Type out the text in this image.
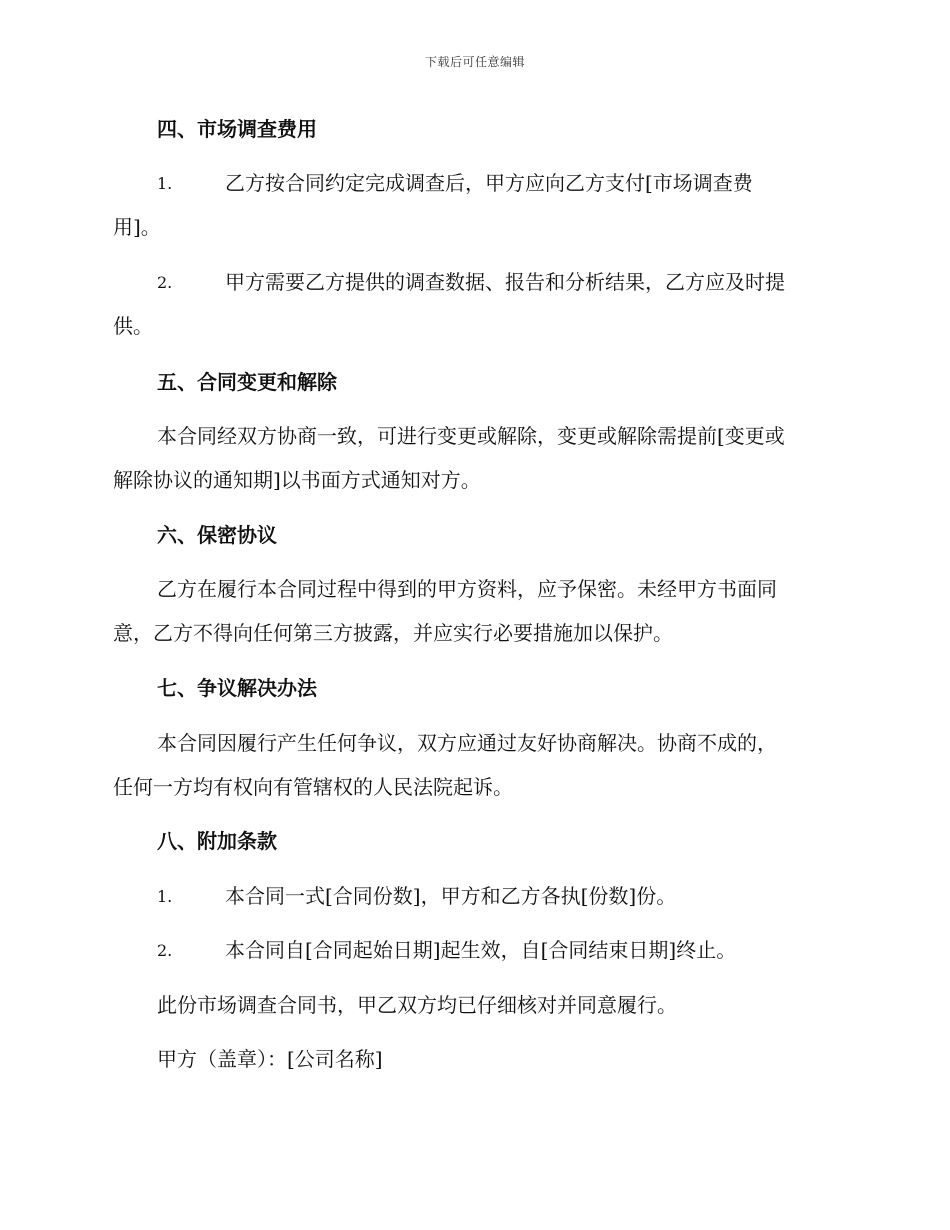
下载后可任意编辑
四、市场调查费用
1.	乙方按合同约定完成调查后，甲方应向乙方支付[市场调查费
用]。
2.	甲方需要乙方提供的调查数据、报告和分析结果，乙方应及时提
供。
五、合同变更和解除
本合同经双方协商一致，可进行变更或解除，变更或解除需提前[变更或
解除协议的通知期]以书面方式通知对方。
六、保密协议
乙方在履行本合同过程中得到的甲方资料，应予保密。未经甲方书面同
意，乙方不得向任何第三方披露，并应实行必要措施加以保护。
七、争议解决办法
本合同因履行产生任何争议，双方应通过友好协商解决。协商不成的，
任何一方均有权向有管辖权的人民法院起诉。
八、附加条款
1.	本合同一式[合同份数]，甲方和乙方各执[份数]份。
2.	本合同自[合同起始日期]起生效，自[合同结束日期]终止。
此份市场调查合同书，甲乙双方均已仔细核对并同意履行。
甲方（盖章）：[公司名称]
